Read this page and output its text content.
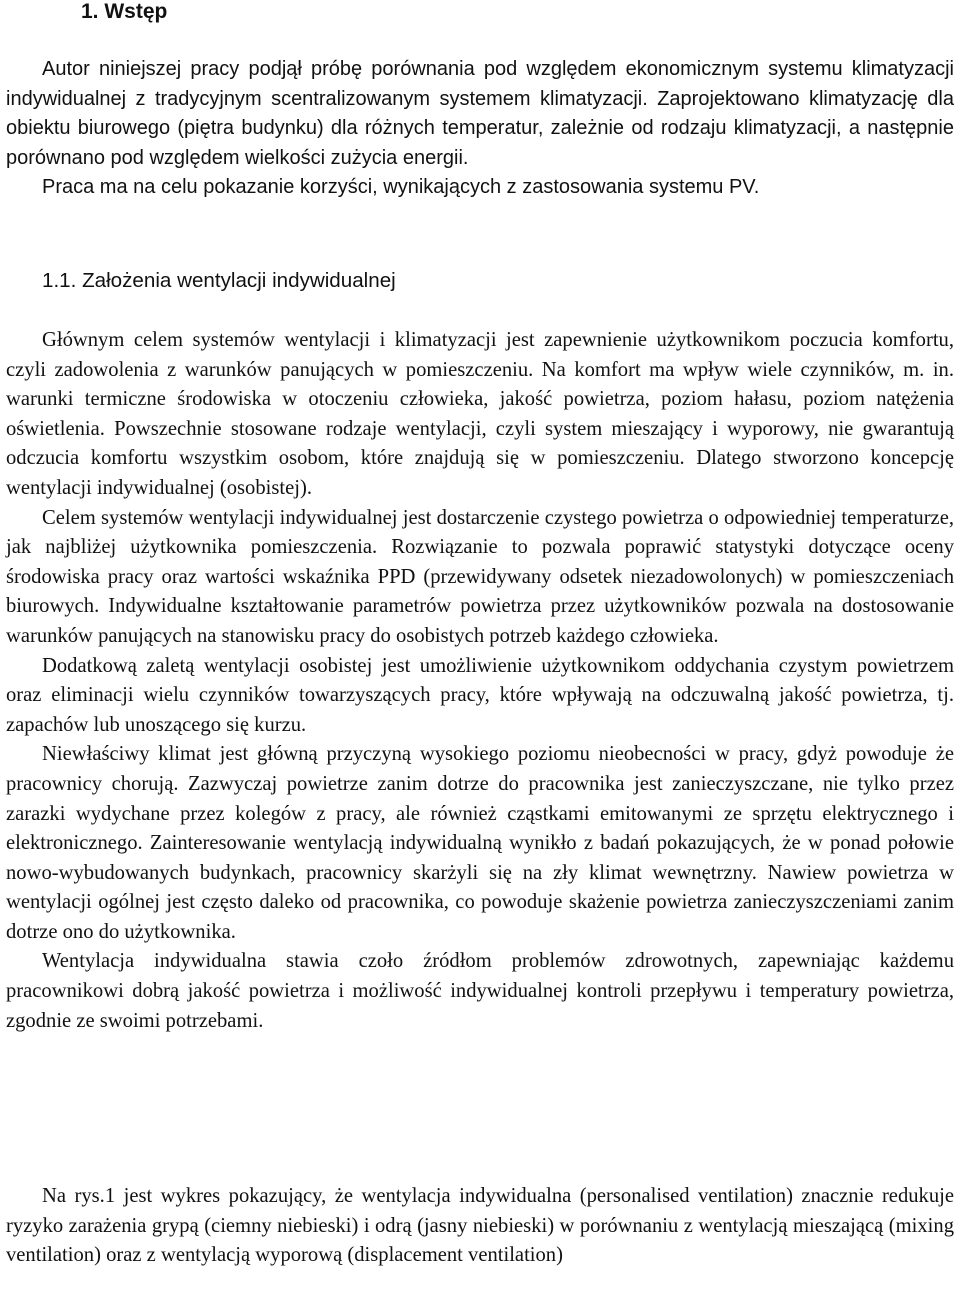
1. Wstęp

Autor niniejszej pracy podjął próbę porównania pod względem ekonomicznym systemu klimatyzacji indywidualnej z tradycyjnym scentralizowanym systemem klimatyzacji. Zaprojektowano klimatyzację dla obiektu biurowego (piętra budynku) dla różnych temperatur, zależnie od rodzaju klimatyzacji, a następnie porównano pod względem wielkości zużycia energii.

Praca ma na celu pokazanie korzyści, wynikających z zastosowania systemu PV.

1.1. Założenia wentylacji indywidualnej

Głównym celem systemów wentylacji i klimatyzacji jest zapewnienie użytkownikom poczucia komfortu, czyli zadowolenia z warunków panujących w pomieszczeniu. Na komfort ma wpływ wiele czynników, m. in. warunki termiczne środowiska w otoczeniu człowieka, jakość powietrza, poziom hałasu, poziom natężenia oświetlenia. Powszechnie stosowane rodzaje wentylacji, czyli system mieszający i wyporowy, nie gwarantują odczucia komfortu wszystkim osobom, które znajdują się w pomieszczeniu. Dlatego stworzono koncepcję wentylacji indywidualnej (osobistej).

Celem systemów wentylacji indywidualnej jest dostarczenie czystego powietrza o odpowiedniej temperaturze, jak najbliżej użytkownika pomieszczenia. Rozwiązanie to pozwala poprawić statystyki dotyczące oceny środowiska pracy oraz wartości wskaźnika PPD (przewidywany odsetek niezadowolonych) w pomieszczeniach biurowych. Indywidualne kształtowanie parametrów powietrza przez użytkowników pozwala na dostosowanie warunków panujących na stanowisku pracy do osobistych potrzeb każdego człowieka.

Dodatkową zaletą wentylacji osobistej jest umożliwienie użytkownikom oddychania czystym powietrzem oraz eliminacji wielu czynników towarzyszących pracy, które wpływają na odczuwalną jakość powietrza, tj. zapachów lub unoszącego się kurzu.

Niewłaściwy klimat jest główną przyczyną wysokiego poziomu nieobecności w pracy, gdyż powoduje że pracownicy chorują. Zazwyczaj powietrze zanim dotrze do pracownika jest zanieczyszczane, nie tylko przez zarazki wydychane przez kolegów z pracy, ale również cząstkami emitowanymi ze sprzętu elektrycznego i elektronicznego. Zainteresowanie wentylacją indywidualną wynikło z badań pokazujących, że w ponad połowie nowo-wybudowanych budynkach, pracownicy skarżyli się na zły klimat wewnętrzny. Nawiew powietrza w wentylacji ogólnej jest często daleko od pracownika, co powoduje skażenie powietrza zanieczyszczeniami zanim dotrze ono do użytkownika.

Wentylacja indywidualna stawia czoło źródłom problemów zdrowotnych, zapewniając każdemu pracownikowi dobrą jakość powietrza i możliwość indywidualnej kontroli przepływu i temperatury powietrza, zgodnie ze swoimi potrzebami.

Na rys.1 jest wykres pokazujący, że wentylacja indywidualna (personalised ventilation) znacznie redukuje ryzyko zarażenia grypą (ciemny niebieski) i odrą (jasny niebieski) w porównaniu z wentylacją mieszającą (mixing ventilation) oraz z wentylacją wyporową (displacement ventilation)
